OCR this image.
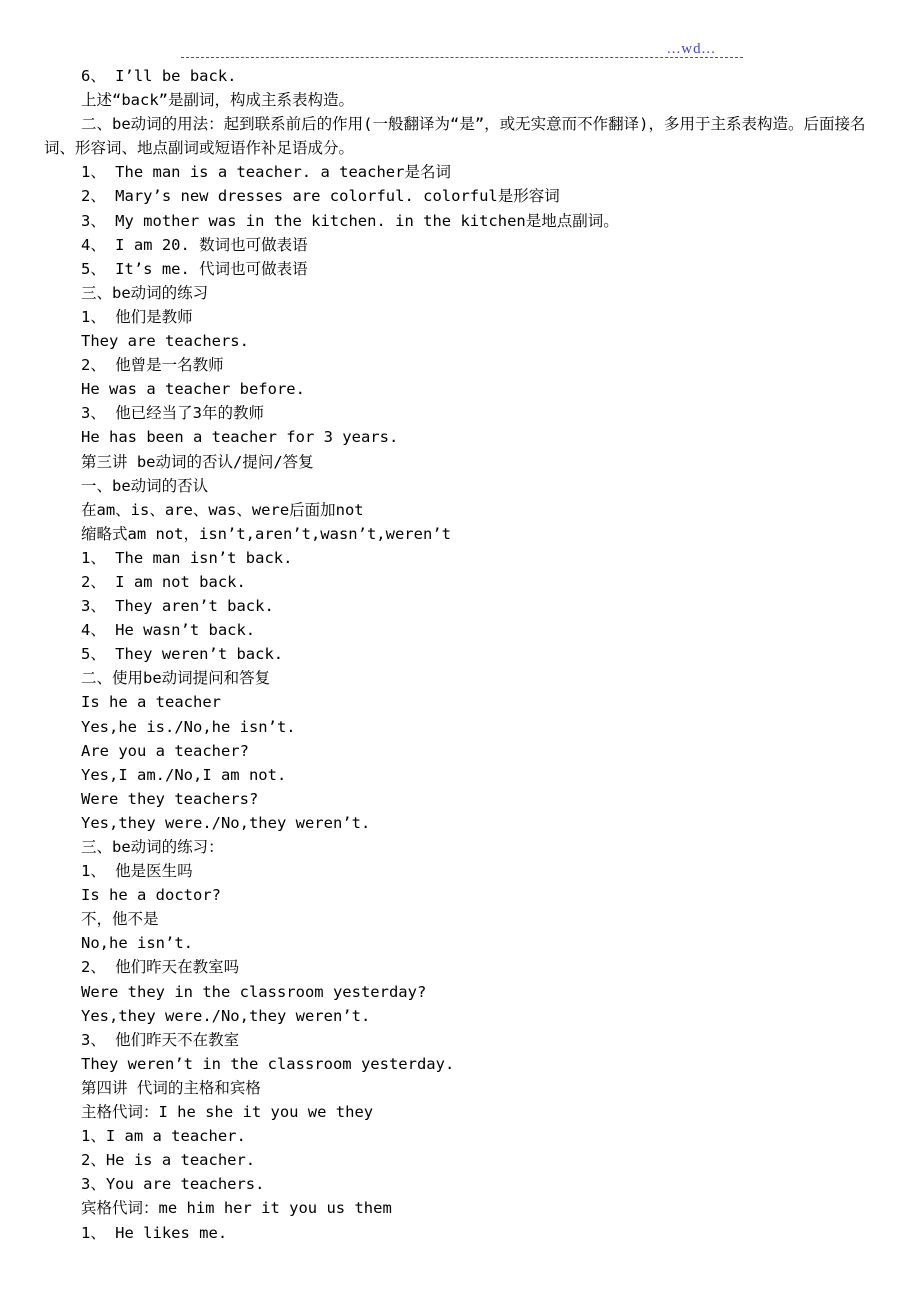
...wd...
6、 I’ll be back.
上述“back”是副词，构成主系表构造。
二、be动词的用法：起到联系前后的作用(一般翻译为“是”，或无实意而不作翻译)，多用于主系表构造。后面接名词、形容词、地点副词或短语作补足语成分。
1、 The man is a teacher. a teacher是名词
2、 Mary’s new dresses are colorful. colorful是形容词
3、 My mother was in the kitchen. in the kitchen是地点副词。
4、 I am 20. 数词也可做表语
5、 It’s me. 代词也可做表语
三、be动词的练习
1、 他们是教师
They are teachers.
2、 他曾是一名教师
He was a teacher before.
3、 他已经当了3年的教师
He has been a teacher for 3 years.
第三讲 be动词的否认/提问/答复
一、be动词的否认
在am、is、are、was、were后面加not
缩略式am not，isn’t,aren’t,wasn’t,weren’t
1、 The man isn’t back.
2、 I am not back.
3、 They aren’t back.
4、 He wasn’t back.
5、 They weren’t back.
二、使用be动词提问和答复
Is he a teacher
Yes,he is./No,he isn’t.
Are you a teacher?
Yes,I am./No,I am not.
Were they teachers?
Yes,they were./No,they weren’t.
三、be动词的练习：
1、 他是医生吗
Is he a doctor?
不，他不是
No,he isn’t.
2、 他们昨天在教室吗
Were they in the classroom yesterday?
Yes,they were./No,they weren’t.
3、 他们昨天不在教室
They weren’t in the classroom yesterday.
第四讲 代词的主格和宾格
主格代词：I he she it you we they
1、I am a teacher.
2、He is a teacher.
3、You are teachers.
宾格代词：me him her it you us them
1、 He likes me.
